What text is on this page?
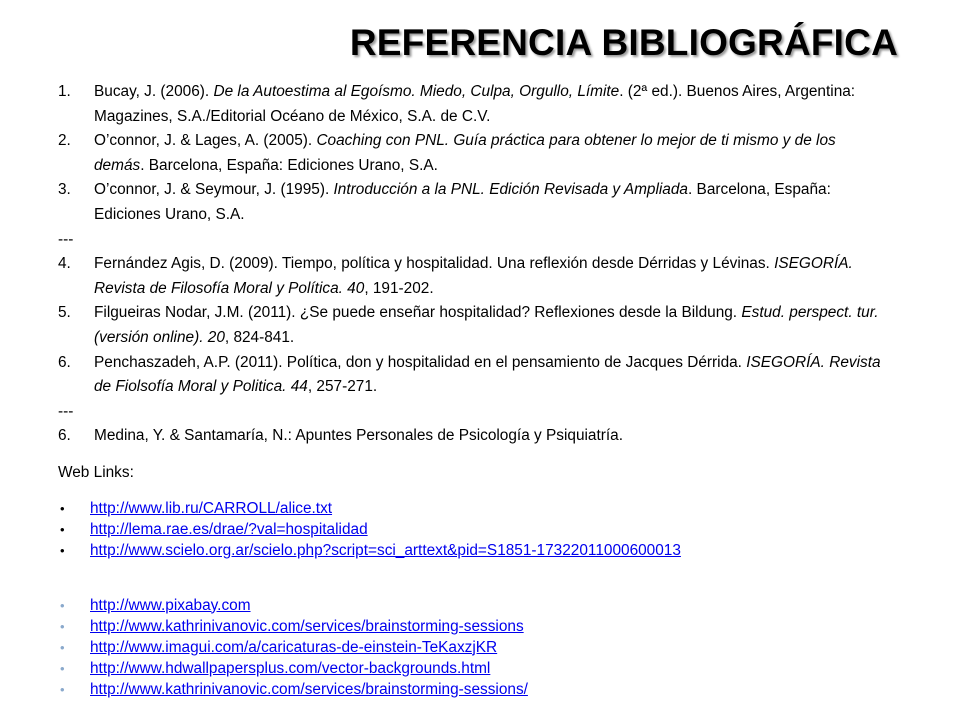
REFERENCIA BIBLIOGRÁFICA
1.	Bucay, J. (2006). De la Autoestima al Egoísmo. Miedo, Culpa, Orgullo, Límite. (2ª ed.). Buenos Aires, Argentina: Magazines, S.A./Editorial Océano de México, S.A. de C.V.
2.	O’connor, J. & Lages, A. (2005). Coaching con PNL. Guía práctica para obtener lo mejor de ti mismo y de los demás. Barcelona, España: Ediciones Urano, S.A.
3.	O’connor, J. & Seymour, J. (1995). Introducción a la PNL. Edición Revisada y Ampliada. Barcelona, España: Ediciones Urano, S.A.
---
4.	Fernández Agis, D. (2009). Tiempo, política y hospitalidad. Una reflexión desde Dérridas y Lévinas. ISEGORÍA. Revista de Filosofía Moral y Política. 40, 191-202.
5.	Filgueiras Nodar, J.M. (2011). ¿Se puede enseñar hospitalidad? Reflexiones desde la Bildung. Estud. perspect. tur. (versión online). 20, 824-841.
6.	Penchaszadeh, A.P. (2011). Política, don y hospitalidad en el pensamiento de Jacques Dérrida. ISEGORÍA. Revista de Fiolsofía Moral y Politica. 44, 257-271.
---
6.	Medina, Y. & Santamaría, N.: Apuntes Personales de Psicología y Psiquiatría.
Web Links:
•	http://www.lib.ru/CARROLL/alice.txt
•	http://lema.rae.es/drae/?val=hospitalidad
•	http://www.scielo.org.ar/scielo.php?script=sci_arttext&pid=S1851-17322011000600013
•	http://www.pixabay.com
•	http://www.kathrinivanovic.com/services/brainstorming-sessions
•	http://www.imagui.com/a/caricaturas-de-einstein-TeKaxzjKR
•	http://www.hdwallpapersplus.com/vector-backgrounds.html
•	http://www.kathrinivanovic.com/services/brainstorming-sessions/
